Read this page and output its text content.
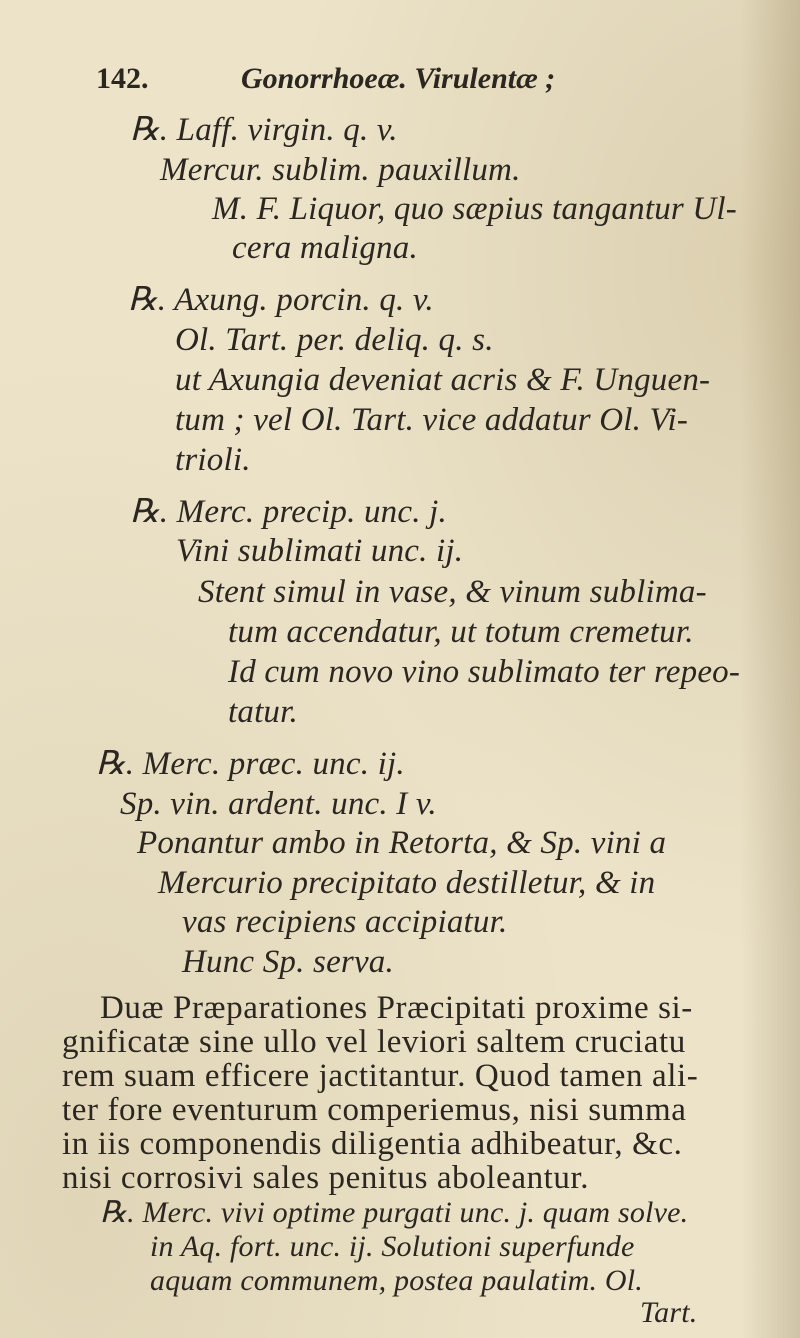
142.	Gonorrhoeæ. Virulentæ ;
℞. Laff. virgin. q. v.
Mercur. sublim. pauxillum.
M. F. Liquor, quo sæpius tangantur Ul-
cera maligna.
℞. Axung. porcin. q. v.
Ol. Tart. per. deliq. q. s.
ut Axungia deveniat acris & F. Unguen-
tum ; vel Ol. Tart. vice addatur Ol. Vi-
trioli.
℞. Merc. precip. unc. j.
Vini sublimati unc. ij.
Stent simul in vase, & vinum sublima-
tum accendatur, ut totum cremetur.
Id cum novo vino sublimato ter repeo-
tatur.
℞. Merc. præc. unc. ij.
Sp. vin. ardent. unc. I v.
Ponantur ambo in Retorta, & Sp. vini a
Mercurio precipitato destilletur, & in
vas recipiens accipiatur.
Hunc Sp. serva.
Duæ Præparationes Præcipitati proxime si-
gnificatæ sine ullo vel leviori saltem cruciatu
rem suam efficere jactitantur. Quod tamen ali-
ter fore eventurum comperiemus, nisi summa
in iis componendis diligentia adhibeatur, &c.
nisi corrosivi sales penitus aboleantur.
℞. Merc. vivi optime purgati unc. j. quam solve.
in Aq. fort. unc. ij. Solutioni superfunde
aquam communem, postea paulatim. Ol.
Tart.
